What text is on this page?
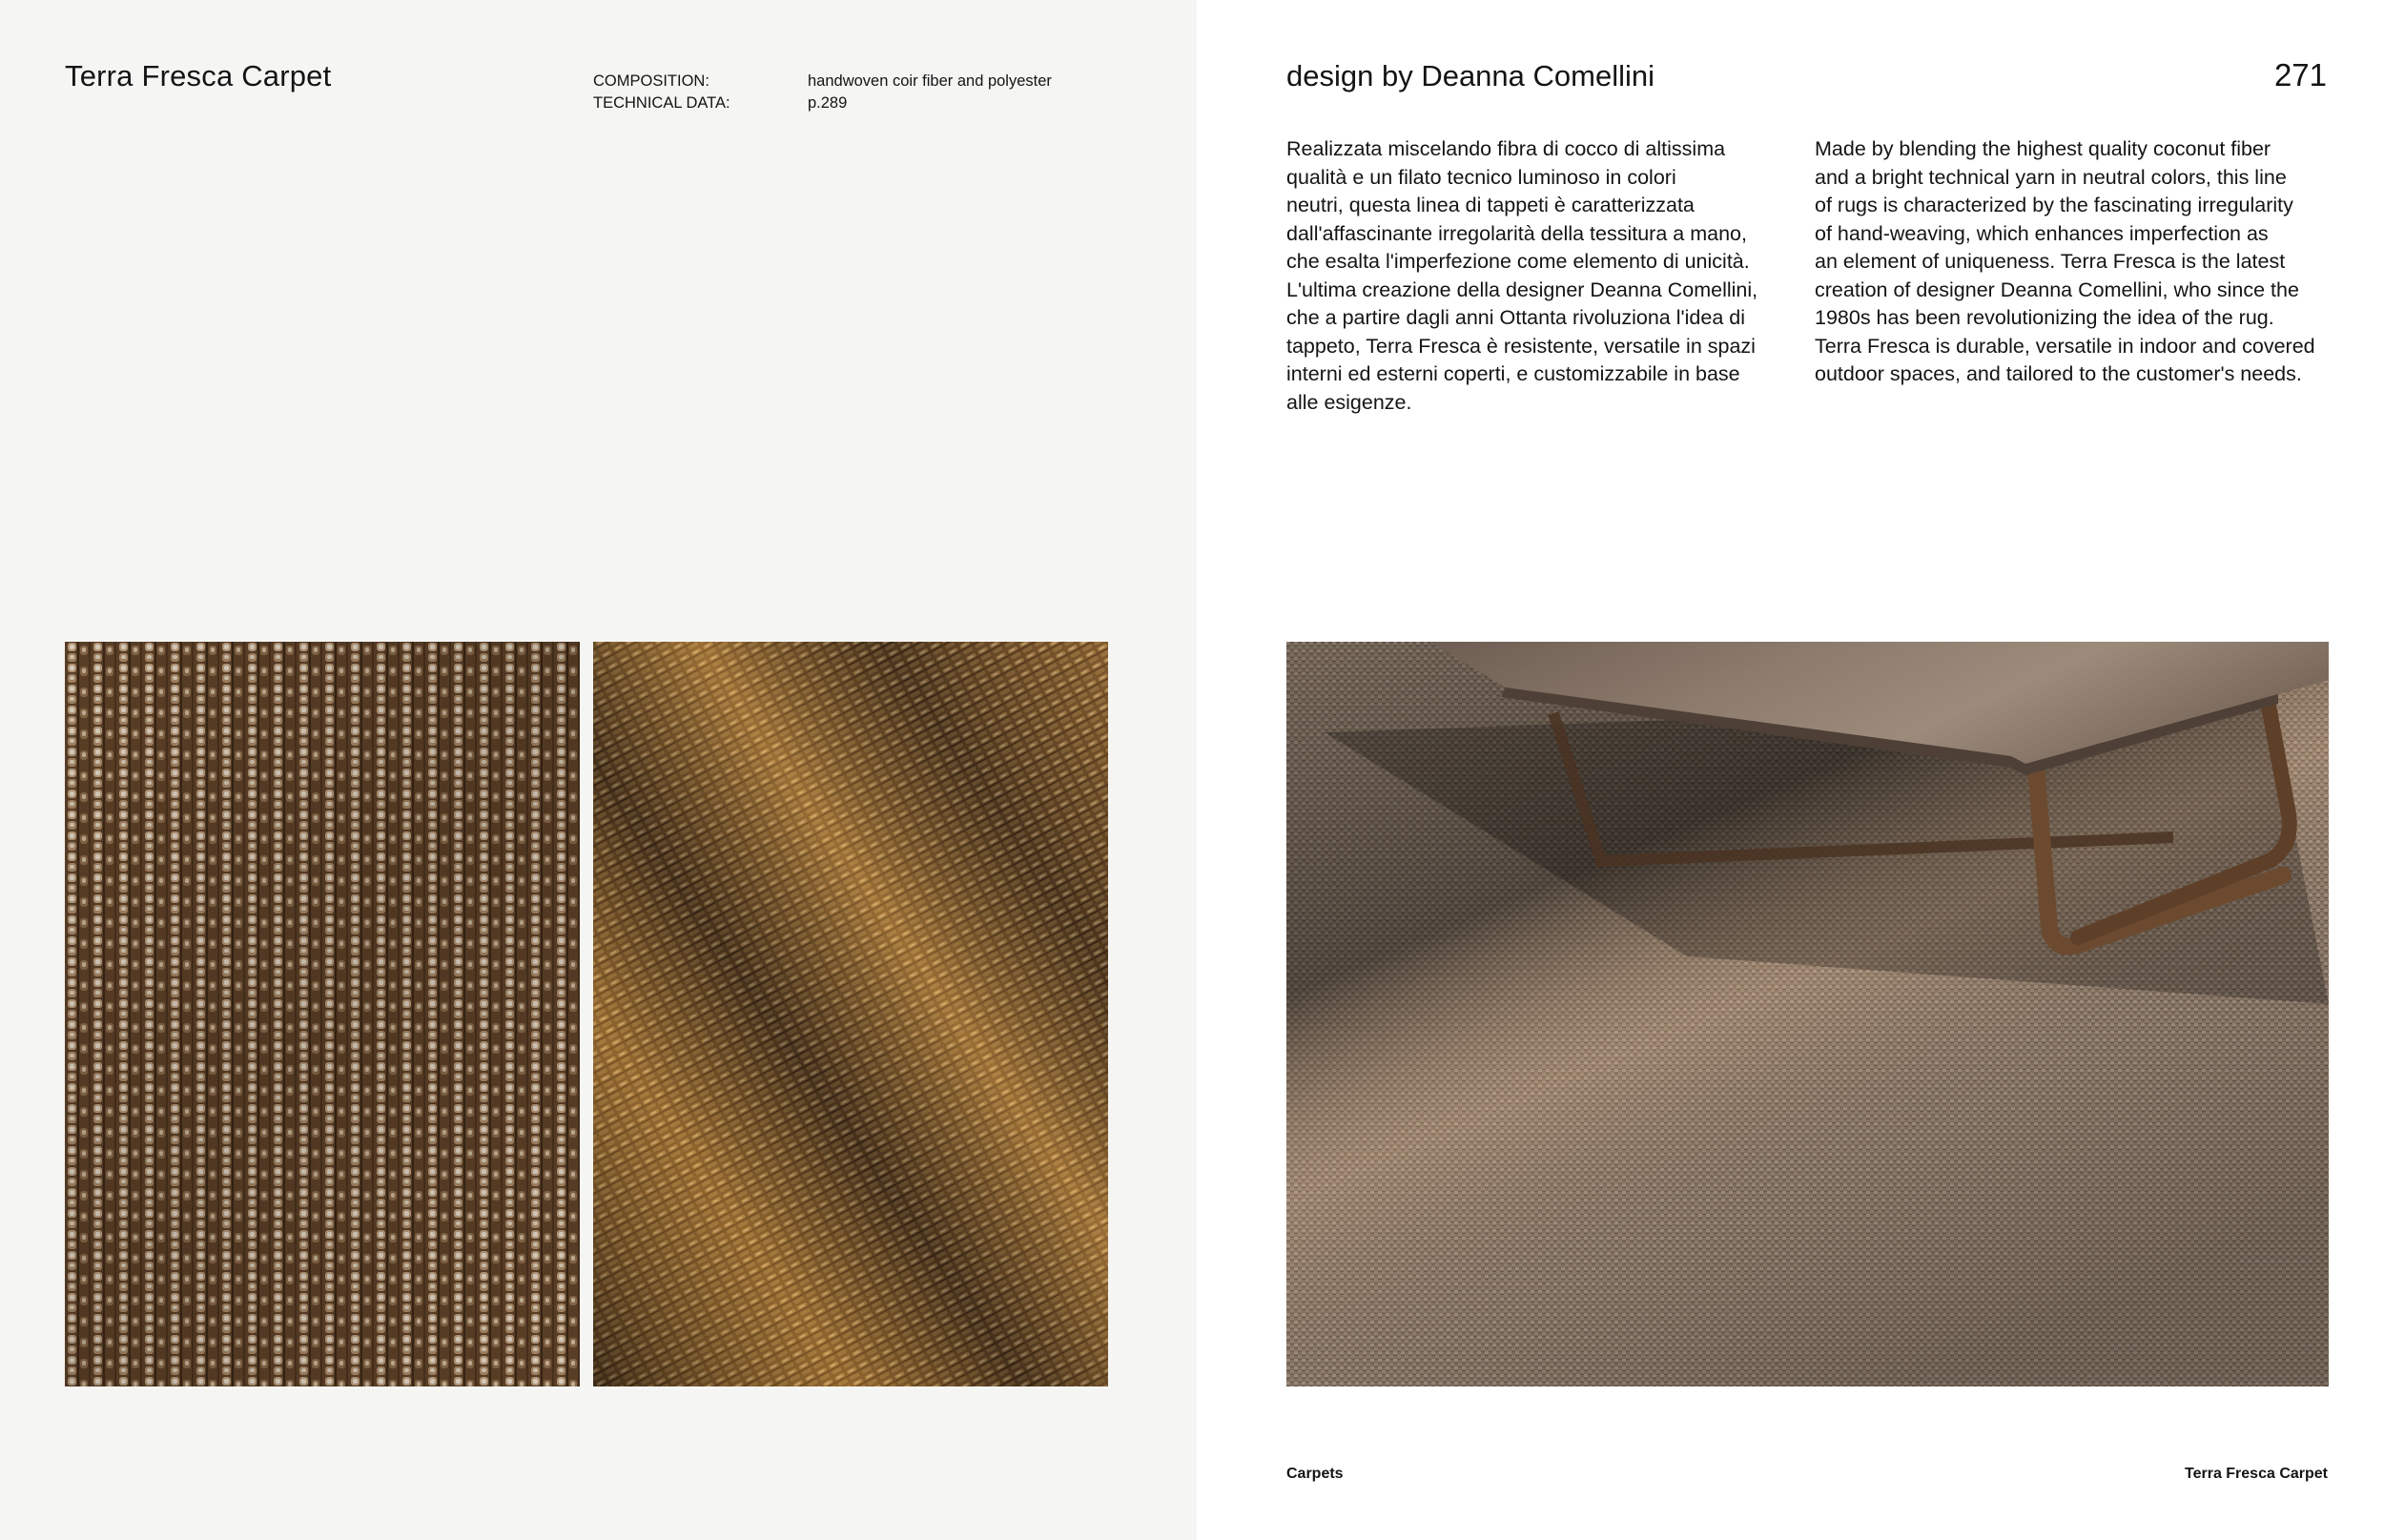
Terra Fresca Carpet	COMPOSITION:	handwoven coir fiber and polyester
TECHNICAL DATA:	p.289
design by Deanna Comellini	271
Realizzata miscelando fibra di cocco di altissima
qualità e un filato tecnico luminoso in colori
neutri, questa linea di tappeti è caratterizzata
dall'affascinante irregolarità della tessitura a mano,
che esalta l'imperfezione come elemento di unicità.
L'ultima creazione della designer Deanna Comellini,
che a partire dagli anni Ottanta rivoluziona l'idea di
tappeto, Terra Fresca è resistente, versatile in spazi
interni ed esterni coperti, e customizzabile in base
alle esigenze.
Made by blending the highest quality coconut fiber
and a bright technical yarn in neutral colors, this line
of rugs is characterized by the fascinating irregularity
of hand-weaving, which enhances imperfection as
an element of uniqueness. Terra Fresca is the latest
creation of designer Deanna Comellini, who since the
1980s has been revolutionizing the idea of the rug.
Terra Fresca is durable, versatile in indoor and covered
outdoor spaces, and tailored to the customer's needs.
Carpets	Terra Fresca Carpet
